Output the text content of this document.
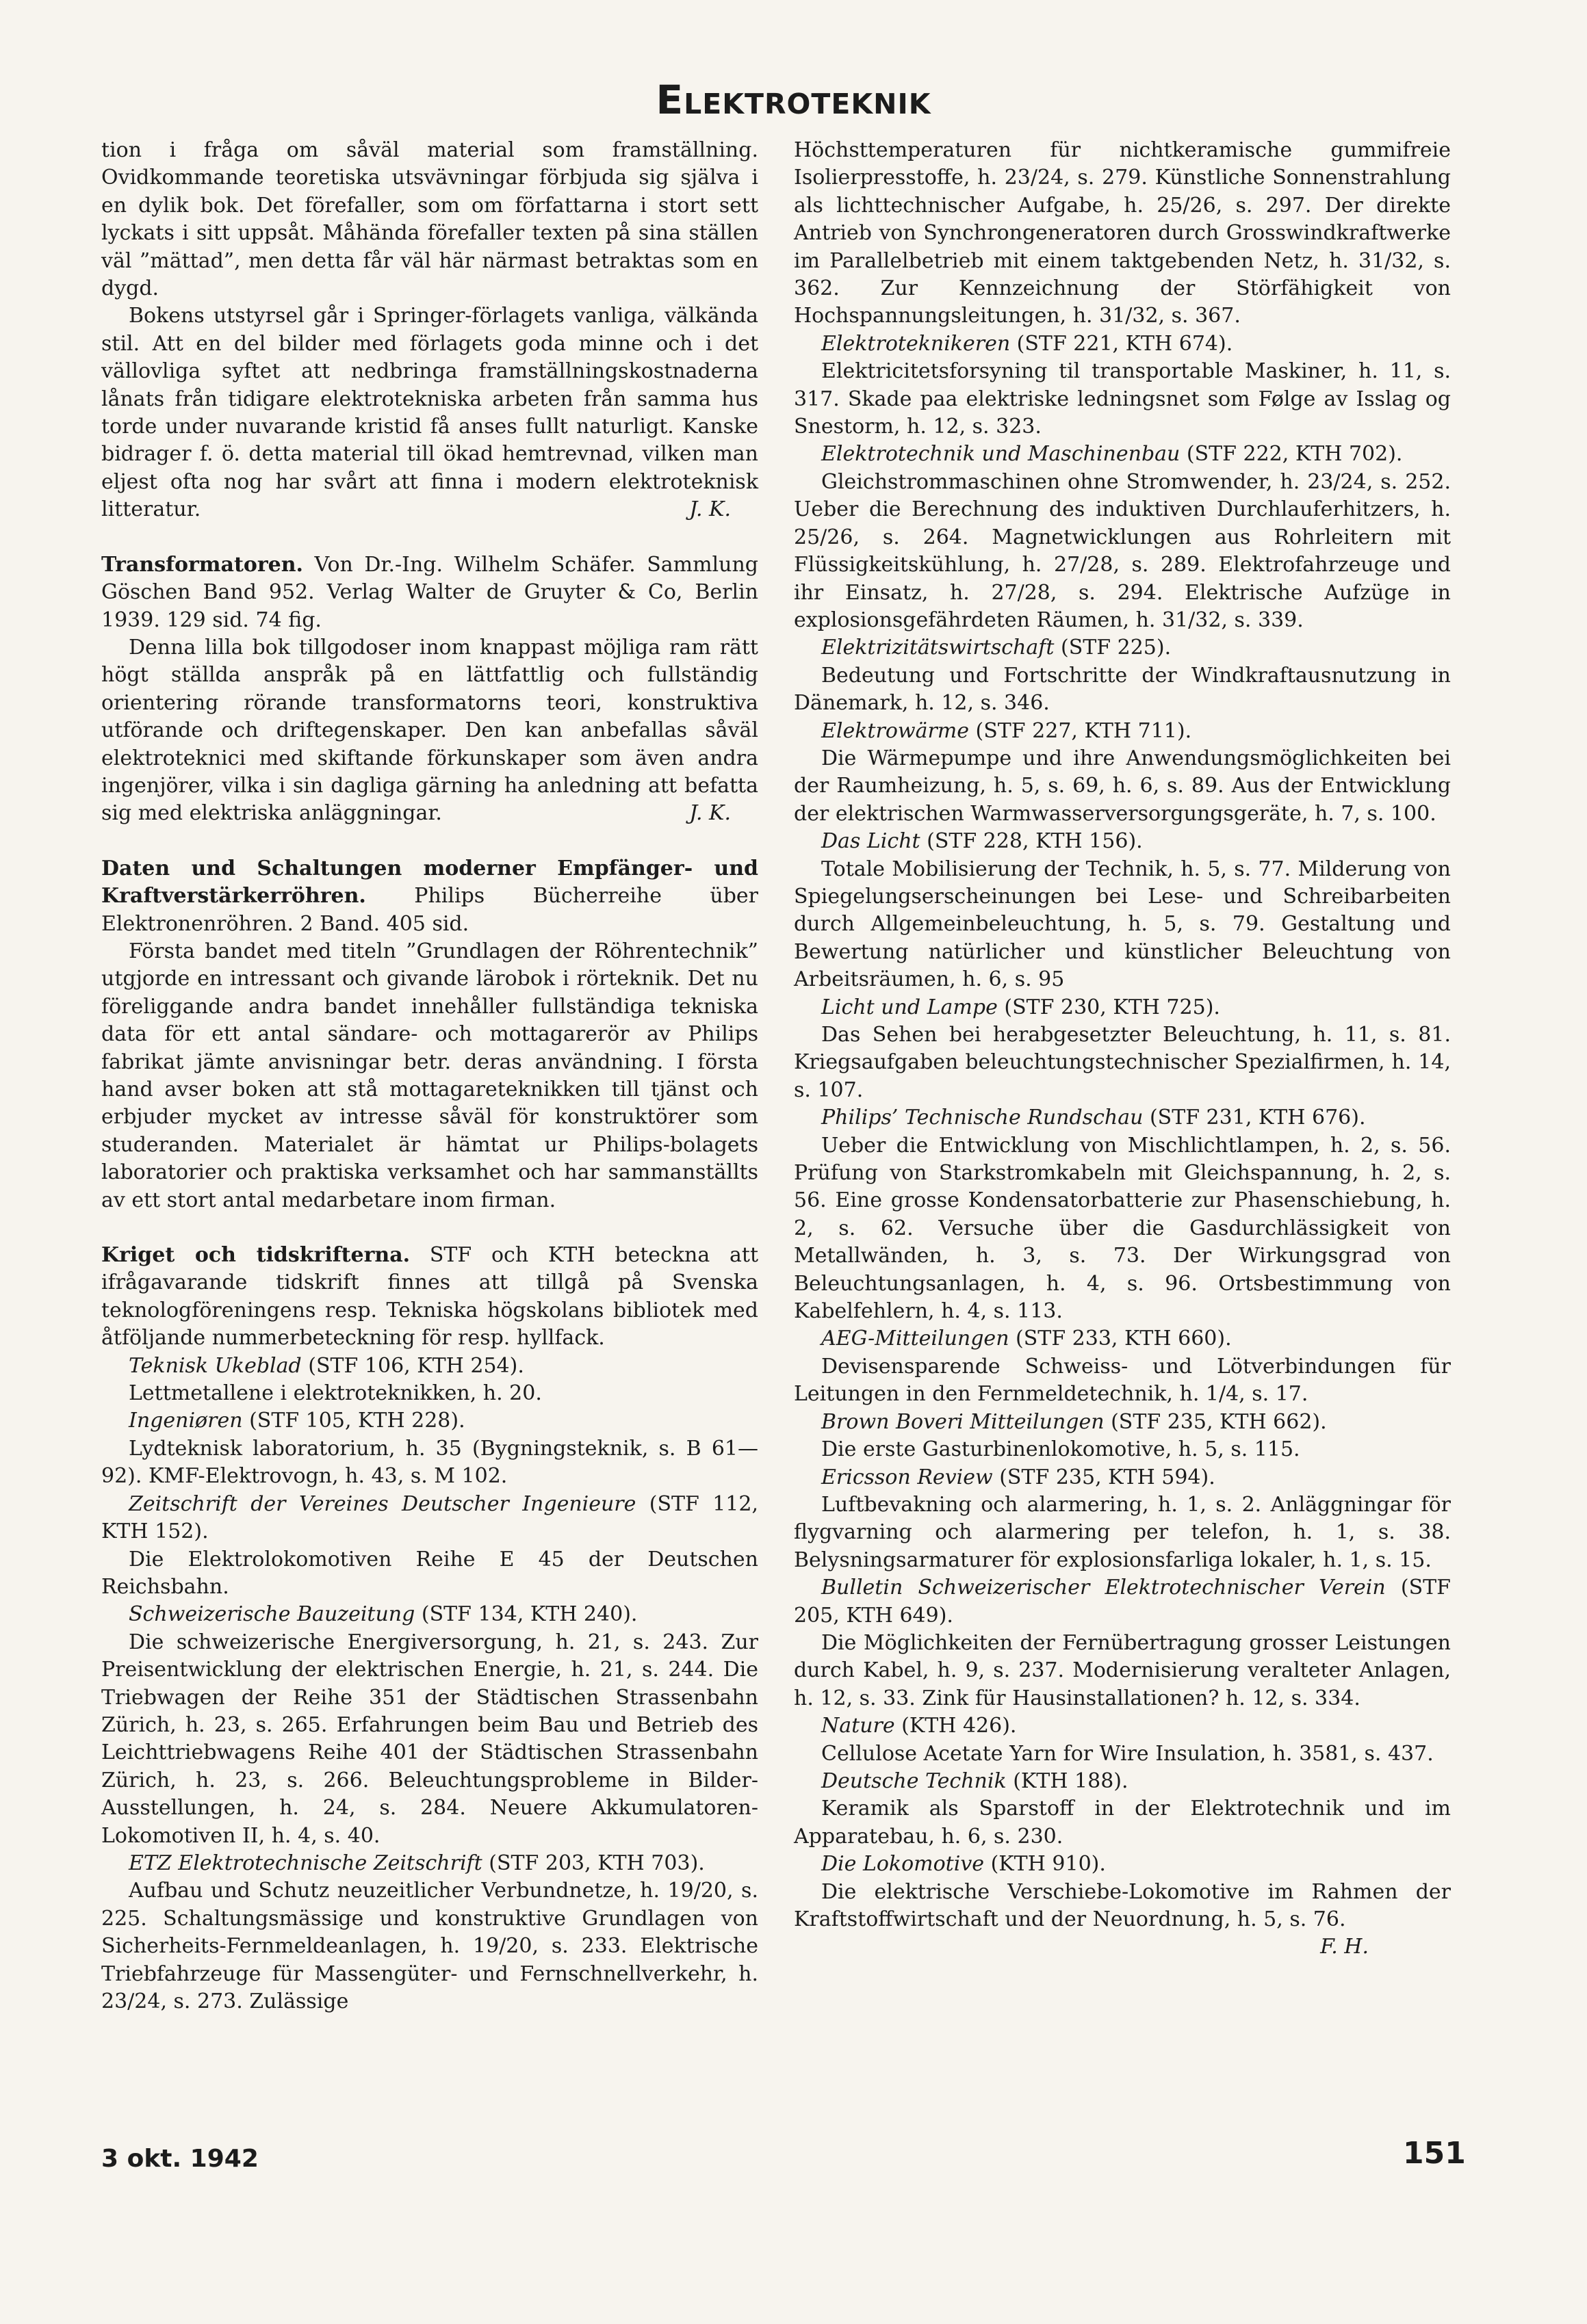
Elektroteknik

tion i fråga om såväl material som framställning. Ovidkommande teoretiska utsvävningar förbjuda sig själva i en dylik bok. Det förefaller, som om författarna i stort sett lyckats i sitt uppsåt. Måhända förefaller texten på sina ställen väl ”mättad”, men detta får väl här närmast betraktas som en dygd.

Bokens utstyrsel går i Springer-förlagets vanliga, välkända stil. Att en del bilder med förlagets goda minne och i det vällovliga syftet att nedbringa framställningskostnaderna lånats från tidigare elektrotekniska arbeten från samma hus torde under nuvarande kristid få anses fullt naturligt. Kanske bidrager f. ö. detta material till ökad hemtrevnad, vilken man eljest ofta nog har svårt att finna i modern elektroteknisk litteratur.	J. K.

Transformatoren. Von Dr.-Ing. Wilhelm Schäfer. Sammlung Göschen Band 952. Verlag Walter de Gruyter & Co, Berlin 1939. 129 sid. 74 fig.

Denna lilla bok tillgodoser inom knappast möjliga ram rätt högt ställda anspråk på en lättfattlig och fullständig orientering rörande transformatorns teori, konstruktiva utförande och driftegenskaper. Den kan anbefallas såväl elektroteknici med skiftande förkunskaper som även andra ingenjörer, vilka i sin dagliga gärning ha anledning att befatta sig med elektriska anläggningar.	J. K.

Daten und Schaltungen moderner Empfänger- und Kraftverstärkerröhren. Philips Bücherreihe über Elektronenröhren. 2 Band. 405 sid.

Första bandet med titeln ”Grundlagen der Röhrentechnik” utgjorde en intressant och givande lärobok i rörteknik. Det nu föreliggande andra bandet innehåller fullständiga tekniska data för ett antal sändare- och mottagarerör av Philips fabrikat jämte anvisningar betr. deras användning. I första hand avser boken att stå mottagareteknikken till tjänst och erbjuder mycket av intresse såväl för konstruktörer som studeranden. Materialet är hämtat ur Philips-bolagets laboratorier och praktiska verksamhet och har sammanställts av ett stort antal medarbetare inom firman.

Kriget och tidskrifterna. STF och KTH beteckna att ifrågavarande tidskrift finnes att tillgå på Svenska teknologföreningens resp. Tekniska högskolans bibliotek med åtföljande nummerbeteckning för resp. hyllfack.

Teknisk Ukeblad (STF 106, KTH 254).

Lettmetallene i elektroteknikken, h. 20.

Ingeniøren (STF 105, KTH 228).

Lydteknisk laboratorium, h. 35 (Bygningsteknik, s. B 61—92). KMF-Elektrovogn, h. 43, s. M 102.

Zeitschrift der Vereines Deutscher Ingenieure (STF 112, KTH 152).

Die Elektrolokomotiven Reihe E 45 der Deutschen Reichsbahn.

Schweizerische Bauzeitung (STF 134, KTH 240).

Die schweizerische Energiversorgung, h. 21, s. 243. Zur Preisentwicklung der elektrischen Energie, h. 21, s. 244. Die Triebwagen der Reihe 351 der Städtischen Strassenbahn Zürich, h. 23, s. 265. Erfahrungen beim Bau und Betrieb des Leichttriebwagens Reihe 401 der Städtischen Strassenbahn Zürich, h. 23, s. 266. Beleuchtungsprobleme in Bilder-Ausstellungen, h. 24, s. 284. Neuere Akkumulatoren-Lokomotiven II, h. 4, s. 40.

ETZ Elektrotechnische Zeitschrift (STF 203, KTH 703).

Aufbau und Schutz neuzeitlicher Verbundnetze, h. 19/20, s. 225. Schaltungsmässige und konstruktive Grundlagen von Sicherheits-Fernmeldeanlagen, h. 19/20, s. 233. Elektrische Triebfahrzeuge für Massengüter- und Fernschnellverkehr, h. 23/24, s. 273. Zulässige

Höchsttemperaturen für nichtkeramische gummifreie Isolierpresstoffe, h. 23/24, s. 279. Künstliche Sonnenstrahlung als lichttechnischer Aufgabe, h. 25/26, s. 297. Der direkte Antrieb von Synchrongeneratoren durch Grosswindkraftwerke im Parallelbetrieb mit einem taktgebenden Netz, h. 31/32, s. 362. Zur Kennzeichnung der Störfähigkeit von Hochspannungsleitungen, h. 31/32, s. 367.

Elektroteknikeren (STF 221, KTH 674).

Elektricitetsforsyning til transportable Maskiner, h. 11, s. 317. Skade paa elektriske ledningsnet som Følge av Isslag og Snestorm, h. 12, s. 323.

Elektrotechnik und Maschinenbau (STF 222, KTH 702).

Gleichstrommaschinen ohne Stromwender, h. 23/24, s. 252. Ueber die Berechnung des induktiven Durchlauferhitzers, h. 25/26, s. 264. Magnetwicklungen aus Rohrleitern mit Flüssigkeitskühlung, h. 27/28, s. 289. Elektrofahrzeuge und ihr Einsatz, h. 27/28, s. 294. Elektrische Aufzüge in explosionsgefährdeten Räumen, h. 31/32, s. 339.

Elektrizitätswirtschaft (STF 225).

Bedeutung und Fortschritte der Windkraftausnutzung in Dänemark, h. 12, s. 346.

Elektrowärme (STF 227, KTH 711).

Die Wärmepumpe und ihre Anwendungsmöglichkeiten bei der Raumheizung, h. 5, s. 69, h. 6, s. 89. Aus der Entwicklung der elektrischen Warmwasserversorgungsgeräte, h. 7, s. 100.

Das Licht (STF 228, KTH 156).

Totale Mobilisierung der Technik, h. 5, s. 77. Milderung von Spiegelungserscheinungen bei Lese- und Schreibarbeiten durch Allgemeinbeleuchtung, h. 5, s. 79. Gestaltung und Bewertung natürlicher und künstlicher Beleuchtung von Arbeitsräumen, h. 6, s. 95

Licht und Lampe (STF 230, KTH 725).

Das Sehen bei herabgesetzter Beleuchtung, h. 11, s. 81. Kriegsaufgaben beleuchtungstechnischer Spezialfirmen, h. 14, s. 107.

Philips’ Technische Rundschau (STF 231, KTH 676).

Ueber die Entwicklung von Mischlichtlampen, h. 2, s. 56. Prüfung von Starkstromkabeln mit Gleichspannung, h. 2, s. 56. Eine grosse Kondensatorbatterie zur Phasenschiebung, h. 2, s. 62. Versuche über die Gasdurchlässigkeit von Metallwänden, h. 3, s. 73. Der Wirkungsgrad von Beleuchtungsanlagen, h. 4, s. 96. Ortsbestimmung von Kabelfehlern, h. 4, s. 113.

AEG-Mitteilungen (STF 233, KTH 660).

Devisensparende Schweiss- und Lötverbindungen für Leitungen in den Fernmeldetechnik, h. 1/4, s. 17.

Brown Boveri Mitteilungen (STF 235, KTH 662).

Die erste Gasturbinenlokomotive, h. 5, s. 115.

Ericsson Review (STF 235, KTH 594).

Luftbevakning och alarmering, h. 1, s. 2. Anläggningar för flygvarning och alarmering per telefon, h. 1, s. 38. Belysningsarmaturer för explosionsfarliga lokaler, h. 1, s. 15.

Bulletin Schweizerischer Elektrotechnischer Verein (STF 205, KTH 649).

Die Möglichkeiten der Fernübertragung grosser Leistungen durch Kabel, h. 9, s. 237. Modernisierung veralteter Anlagen, h. 12, s. 33. Zink für Hausinstallationen? h. 12, s. 334.

Nature (KTH 426).

Cellulose Acetate Yarn for Wire Insulation, h. 3581, s. 437.

Deutsche Technik (KTH 188).

Keramik als Sparstoff in der Elektrotechnik und im Apparatebau, h. 6, s. 230.

Die Lokomotive (KTH 910).

Die elektrische Verschiebe-Lokomotive im Rahmen der Kraftstoffwirtschaft und der Neuordnung, h. 5, s. 76.

F. H.

3 okt. 1942	151
